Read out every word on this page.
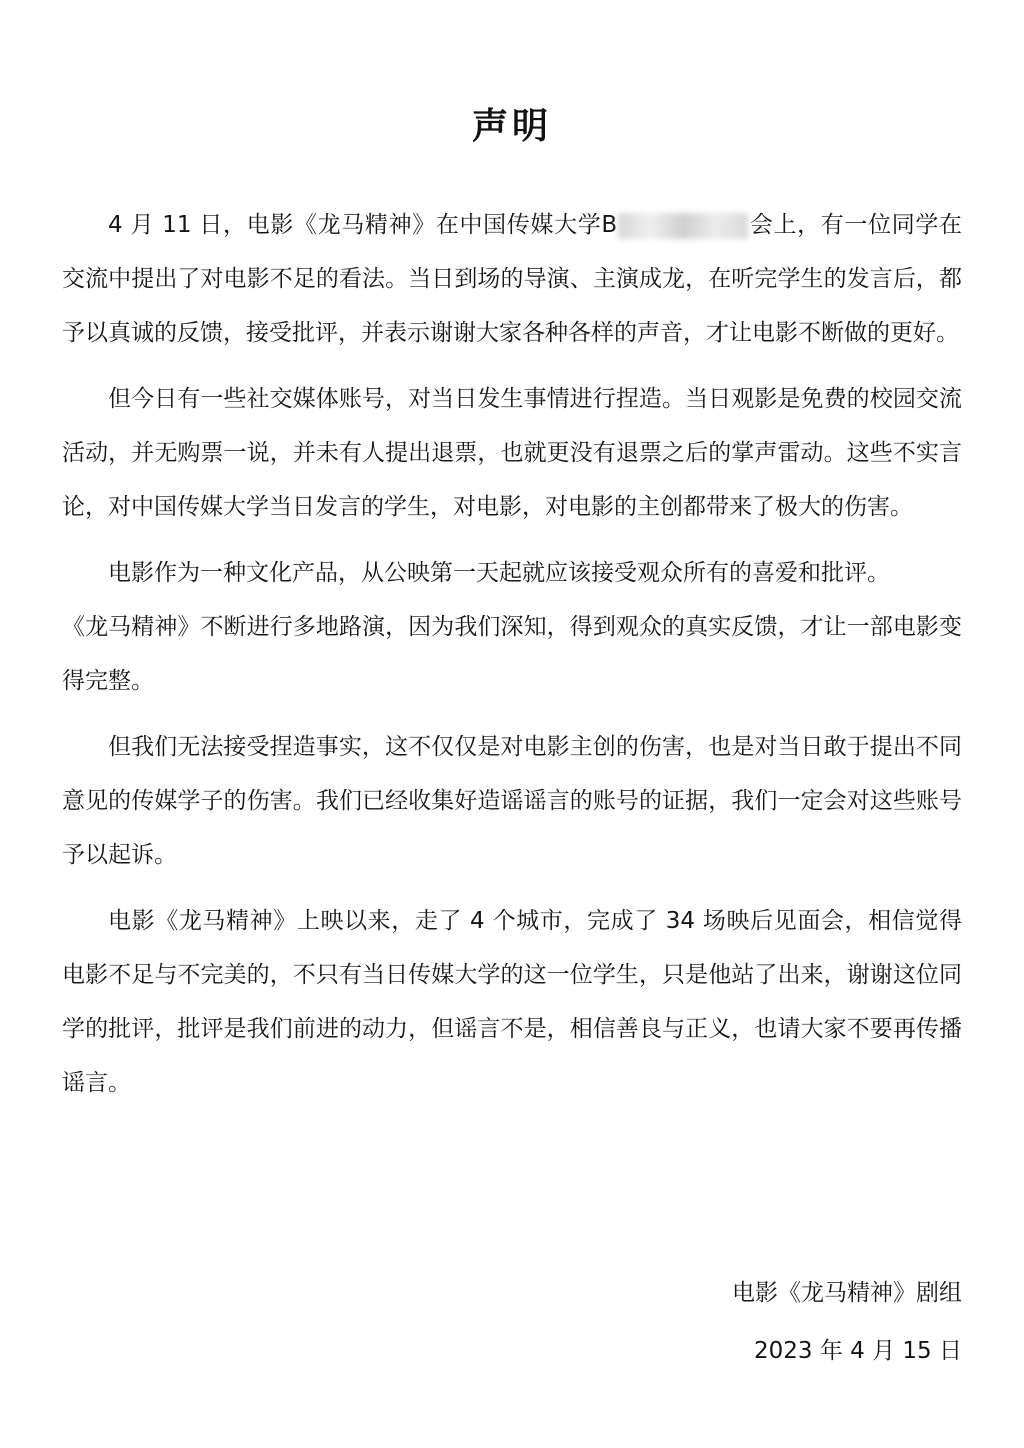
声明

4 月 11 日，电影《龙马精神》在中国传媒大学B	会上，有一位同学在交流中提出了对电影不足的看法。当日到场的导演、主演成龙，在听完学生的发言后，都予以真诚的反馈，接受批评，并表示谢谢大家各种各样的声音，才让电影不断做的更好。

但今日有一些社交媒体账号，对当日发生事情进行捏造。当日观影是免费的校园交流活动，并无购票一说，并未有人提出退票，也就更没有退票之后的掌声雷动。这些不实言论，对中国传媒大学当日发言的学生，对电影，对电影的主创都带来了极大的伤害。

电影作为一种文化产品，从公映第一天起就应该接受观众所有的喜爱和批评。

《龙马精神》不断进行多地路演，因为我们深知，得到观众的真实反馈，才让一部电影变得完整。

但我们无法接受捏造事实，这不仅仅是对电影主创的伤害，也是对当日敢于提出不同意见的传媒学子的伤害。我们已经收集好造谣谣言的账号的证据，我们一定会对这些账号予以起诉。

电影《龙马精神》上映以来，走了 4 个城市，完成了 34 场映后见面会，相信觉得电影不足与不完美的，不只有当日传媒大学的这一位学生，只是他站了出来，谢谢这位同学的批评，批评是我们前进的动力，但谣言不是，相信善良与正义，也请大家不要再传播谣言。

电影《龙马精神》剧组
2023 年 4 月 15 日
